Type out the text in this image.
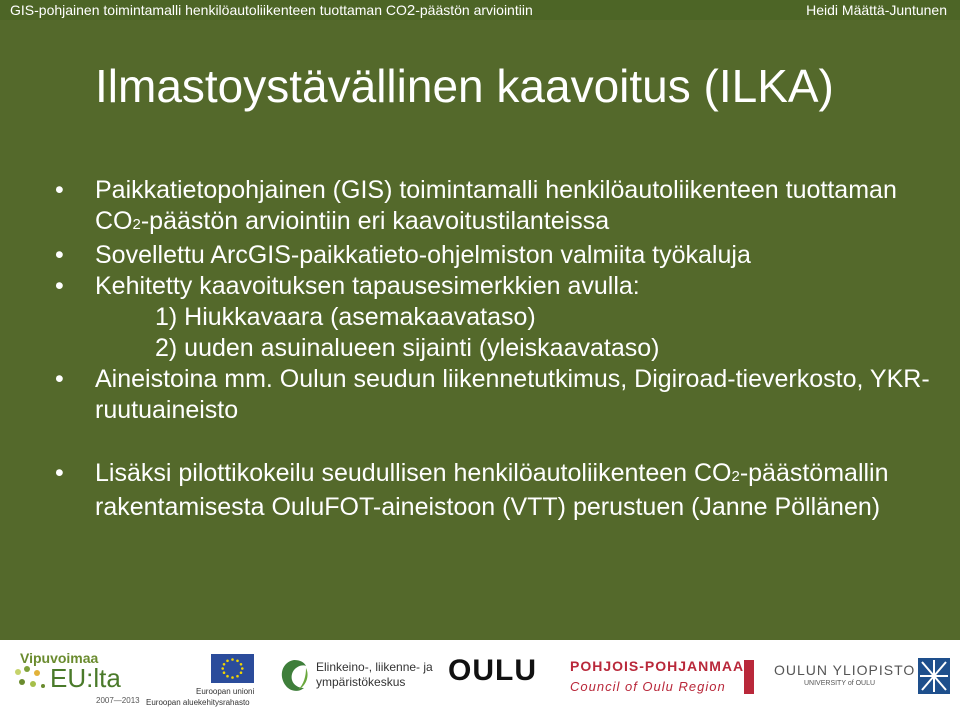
GIS-pohjainen toimintamalli henkilöautoliikenteen tuottaman CO2-päästön arviointiin	Heidi Määttä-Juntunen
Ilmastoystävällinen kaavoitus (ILKA)
•	Paikkatietopohjainen (GIS) toimintamalli henkilöautoliikenteen tuottaman CO2-päästön arviointiin eri kaavoitustilanteissa
•	Sovellettu ArcGIS-paikkatieto-ohjelmiston valmiita työkaluja
•	Kehitetty kaavoituksen tapausesimerkkien avulla:
1) Hiukkavaara (asemakaavataso)
2) uuden asuinalueen sijainti (yleiskaavataso)
•	Aineistoina mm. Oulun seudun liikennetutkimus, Digiroad-tieverkosto, YKR-ruutuaineisto
•	Lisäksi pilottikokeilu seudullisen henkilöautoliikenteen CO2-päästömallin rakentamisesta OuluFOT-aineistoon (VTT) perustuen (Janne Pöllänen)
Vipuvoimaa
EU:lta
2007—2013
Euroopan unioni
Euroopan aluekehitysrahasto
Elinkeino-, liikenne- ja
ympäristökeskus OULU POHJOIS-POHJANMAA
Council of Oulu Region
OULUN YLIOPISTO
UNIVERSITY of OULU
